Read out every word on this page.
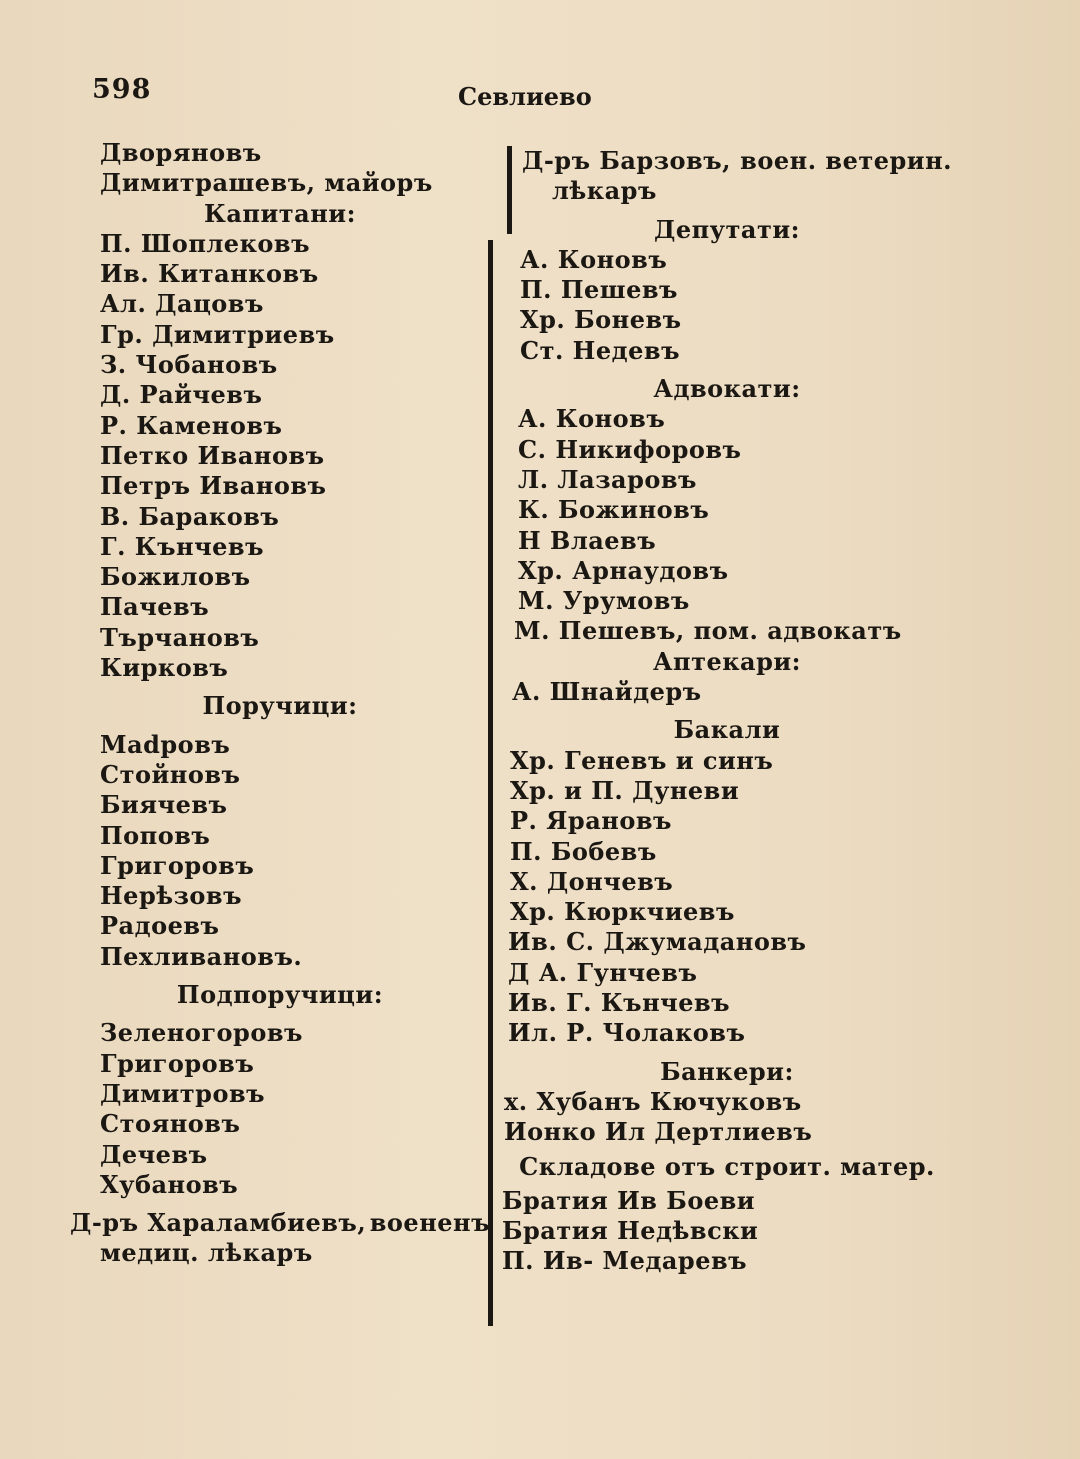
598	Севлиево
Двoряновъ
Димитрашевъ, майоръ
Капитани:
П. Шоплековъ
Ив. Китанковъ
Ал. Дацовъ
Гр. Димитриевъ
З. Чобановъ
Д. Райчевъ
Р. Каменовъ
Петко Ивановъ
Петръ Ивановъ
В. Бараковъ
Г. Кънчевъ
Божиловъ
Пачевъ
Търчановъ
Кирковъ
Поручици:
Маdровъ
Стойновъ
Биячевъ
Поповъ
Григоровъ
Нерѣзовъ
Радоевъ
Пехливановъ.
Подпоручици:
Зеленогоровъ
Григоровъ
Димитровъ
Стояновъ
Дечевъ
Хубановъ
Д-ръ Хараламбиевъ, военeнъ
медиц. лѣкаръ
Д-ръ Барзовъ, воен. ветерин.
лѣкаръ
Депутати:
А. Коновъ
П. Пешевъ
Хр. Боневъ
Ст. Недевъ
Адвокати:
А. Коновъ
С. Никифоровъ
Л. Лазаровъ
К. Божиновъ
Н Влаевъ
Хр. Арнаудовъ
М. Урумовъ
М. Пешевъ, пом. адвокатъ
Аптекари:
А. Шнайдеръ
Бакали
Хр. Геневъ и синъ
Хр. и П. Дуневи
Р. Ярановъ
П. Бобевъ
Х. Дончевъ
Хр. Кюркчиевъ
Ив. С. Джумадановъ
Д А. Гунчевъ
Ив. Г. Кънчевъ
Ил. Р. Чолаковъ
Банкери:
х. Хубанъ Кючуковъ
Ионко Ил Дертлиевъ
Складове отъ строит. матер.
Братия Ив Боеви
Братия Недѣвски
П. Ив- Медаревъ
